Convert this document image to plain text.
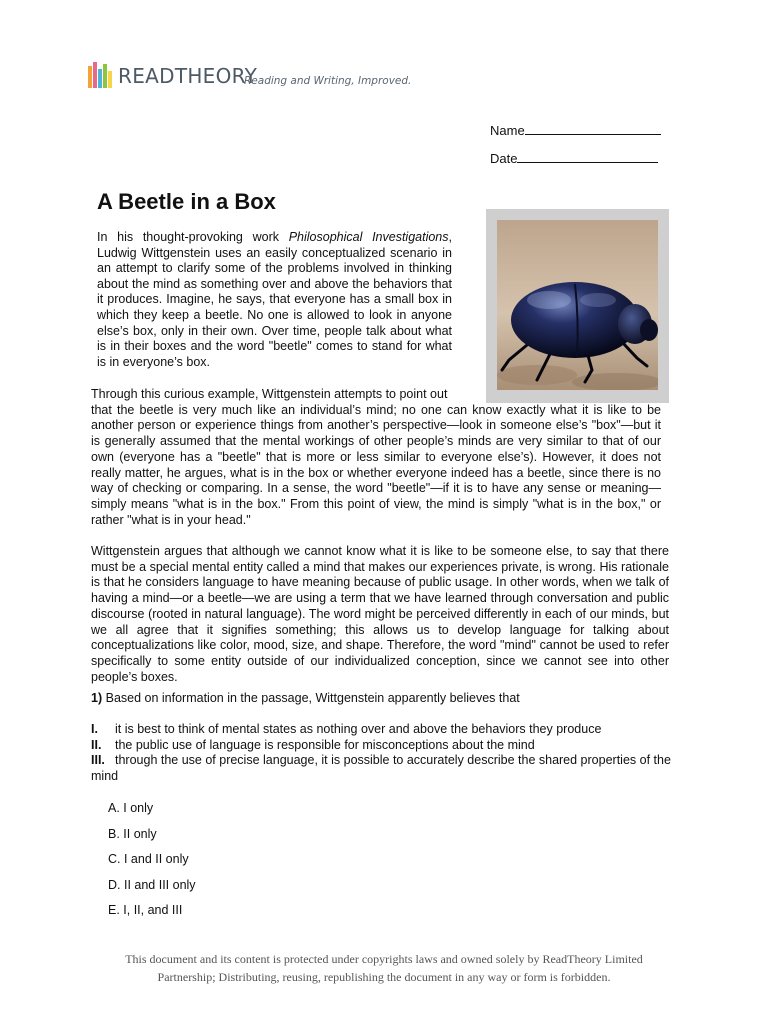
READTHEORY
Reading and Writing, Improved.
Name
Date
A Beetle in a Box

In his thought-provoking work Philosophical Investigations, Ludwig Wittgenstein uses an easily conceptualized scenario in an attempt to clarify some of the problems involved in thinking about the mind as something over and above the behaviors that it produces. Imagine, he says, that everyone has a small box in which they keep a beetle. No one is allowed to look in anyone else’s box, only in their own. Over time, people talk about what is in their boxes and the word "beetle" comes to stand for what is in everyone’s box.

Through this curious example, Wittgenstein attempts to point out
that the beetle is very much like an individual’s mind; no one can know exactly what it is like to be another person or experience things from another’s perspective—look in someone else’s "box"—but it is generally assumed that the mental workings of other people’s minds are very similar to that of our own (everyone has a "beetle" that is more or less similar to everyone else’s). However, it does not really matter, he argues, what is in the box or whether everyone indeed has a beetle, since there is no way of checking or comparing. In a sense, the word "beetle"—if it is to have any sense or meaning—simply means "what is in the box." From this point of view, the mind is simply "what is in the box," or rather "what is in your head."

Wittgenstein argues that although we cannot know what it is like to be someone else, to say that there must be a special mental entity called a mind that makes our experiences private, is wrong. His rationale is that he considers language to have meaning because of public usage. In other words, when we talk of having a mind—or a beetle—we are using a term that we have learned through conversation and public discourse (rooted in natural language). The word might be perceived differently in each of our minds, but we all agree that it signifies something; this allows us to develop language for talking about conceptualizations like color, mood, size, and shape. Therefore, the word "mind" cannot be used to refer specifically to some entity outside of our individualized conception, since we cannot see into other people’s boxes.

1) Based on information in the passage, Wittgenstein apparently believes that

I. it is best to think of mental states as nothing over and above the behaviors they produce
II. the public use of language is responsible for misconceptions about the mind
III. through the use of precise language, it is possible to accurately describe the shared properties of the mind
A. I only
B. II only
C. I and II only
D. II and III only
E. I, II, and III
This document and its content is protected under copyrights laws and owned solely by ReadTheory Limited
Partnership; Distributing, reusing, republishing the document in any way or form is forbidden.
